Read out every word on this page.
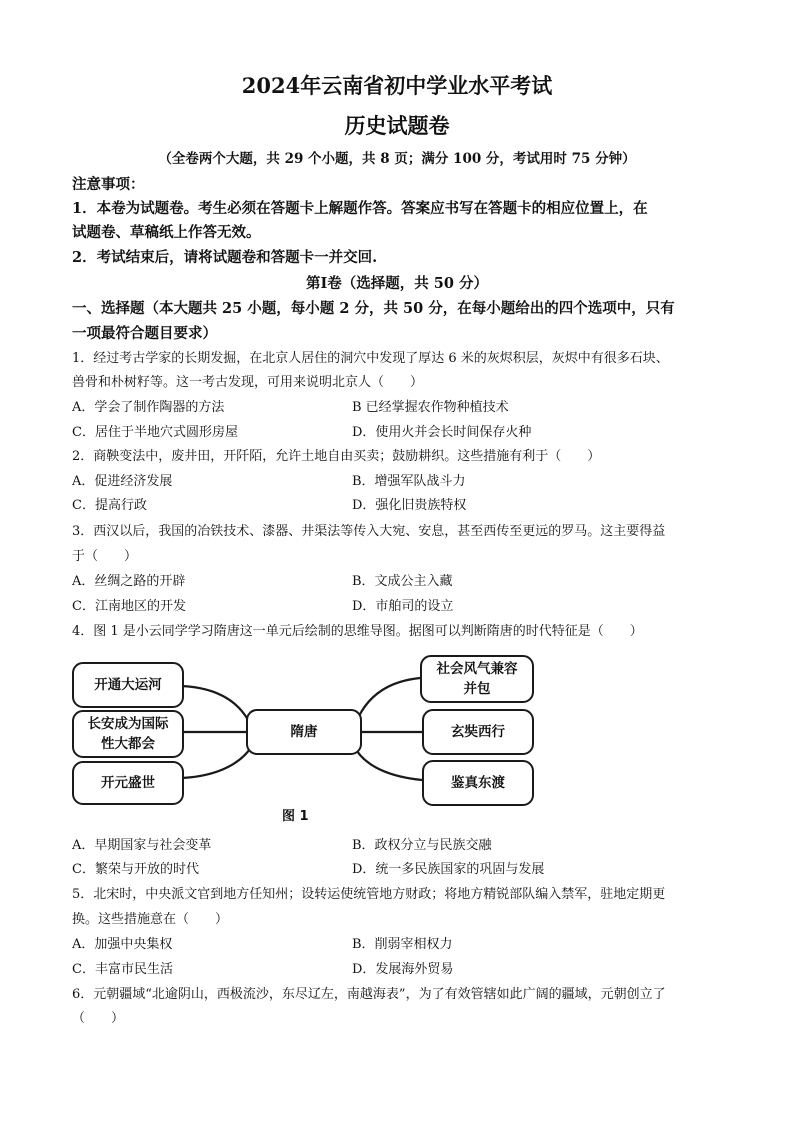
2024年云南省初中学业水平考试
历史试题卷
（全卷两个大题，共 29 个小题，共 8 页；满分 100 分，考试用时 75 分钟）
注意事项：
1．本卷为试题卷。考生必须在答题卡上解题作答。答案应书写在答题卡的相应位置上，在
试题卷、草稿纸上作答无效。
2．考试结束后，请将试题卷和答题卡一并交回.
第Ⅰ卷（选择题，共 50 分）
一、选择题（本大题共 25 小题，每小题 2 分，共 50 分，在每小题给出的四个选项中，只有
一项最符合题目要求）
1．经过考古学家的长期发掘，在北京人居住的洞穴中发现了厚达 6 米的灰烬积层，灰烬中有很多石块、
兽骨和朴树籽等。这一考古发现，可用来说明北京人（　　）
A．学会了制作陶器的方法	B 已经掌握农作物种植技术
C．居住于半地穴式圆形房屋	D．使用火并会长时间保存火种
2．商鞅变法中，废井田，开阡陌，允许土地自由买卖；鼓励耕织。这些措施有利于（　　）
A．促进经济发展	B．增强军队战斗力
C．提高行政	D．强化旧贵族特权
3．西汉以后，我国的冶铁技术、漆器、井渠法等传入大宛、安息，甚至西传至更远的罗马。这主要得益
于（　　）
A．丝绸之路的开辟	B．文成公主入藏
C．江南地区的开发	D．市舶司的设立
4．图 1 是小云同学学习隋唐这一单元后绘制的思维导图。据图可以判断隋唐的时代特征是（　　）
开通大运河
长安成为国际性大都会
开元盛世
隋唐
社会风气兼容并包
玄奘西行
鉴真东渡
图 1
A．早期国家与社会变革	B．政权分立与民族交融
C．繁荣与开放的时代	D．统一多民族国家的巩固与发展
5．北宋时，中央派文官到地方任知州；设转运使统管地方财政；将地方精锐部队编入禁军，驻地定期更
换。这些措施意在（　　）
A．加强中央集权	B．削弱宰相权力
C．丰富市民生活	D．发展海外贸易
6．元朝疆域“北逾阴山，西极流沙，东尽辽左，南越海表”，为了有效管辖如此广阔的疆域，元朝创立了
（　　）
